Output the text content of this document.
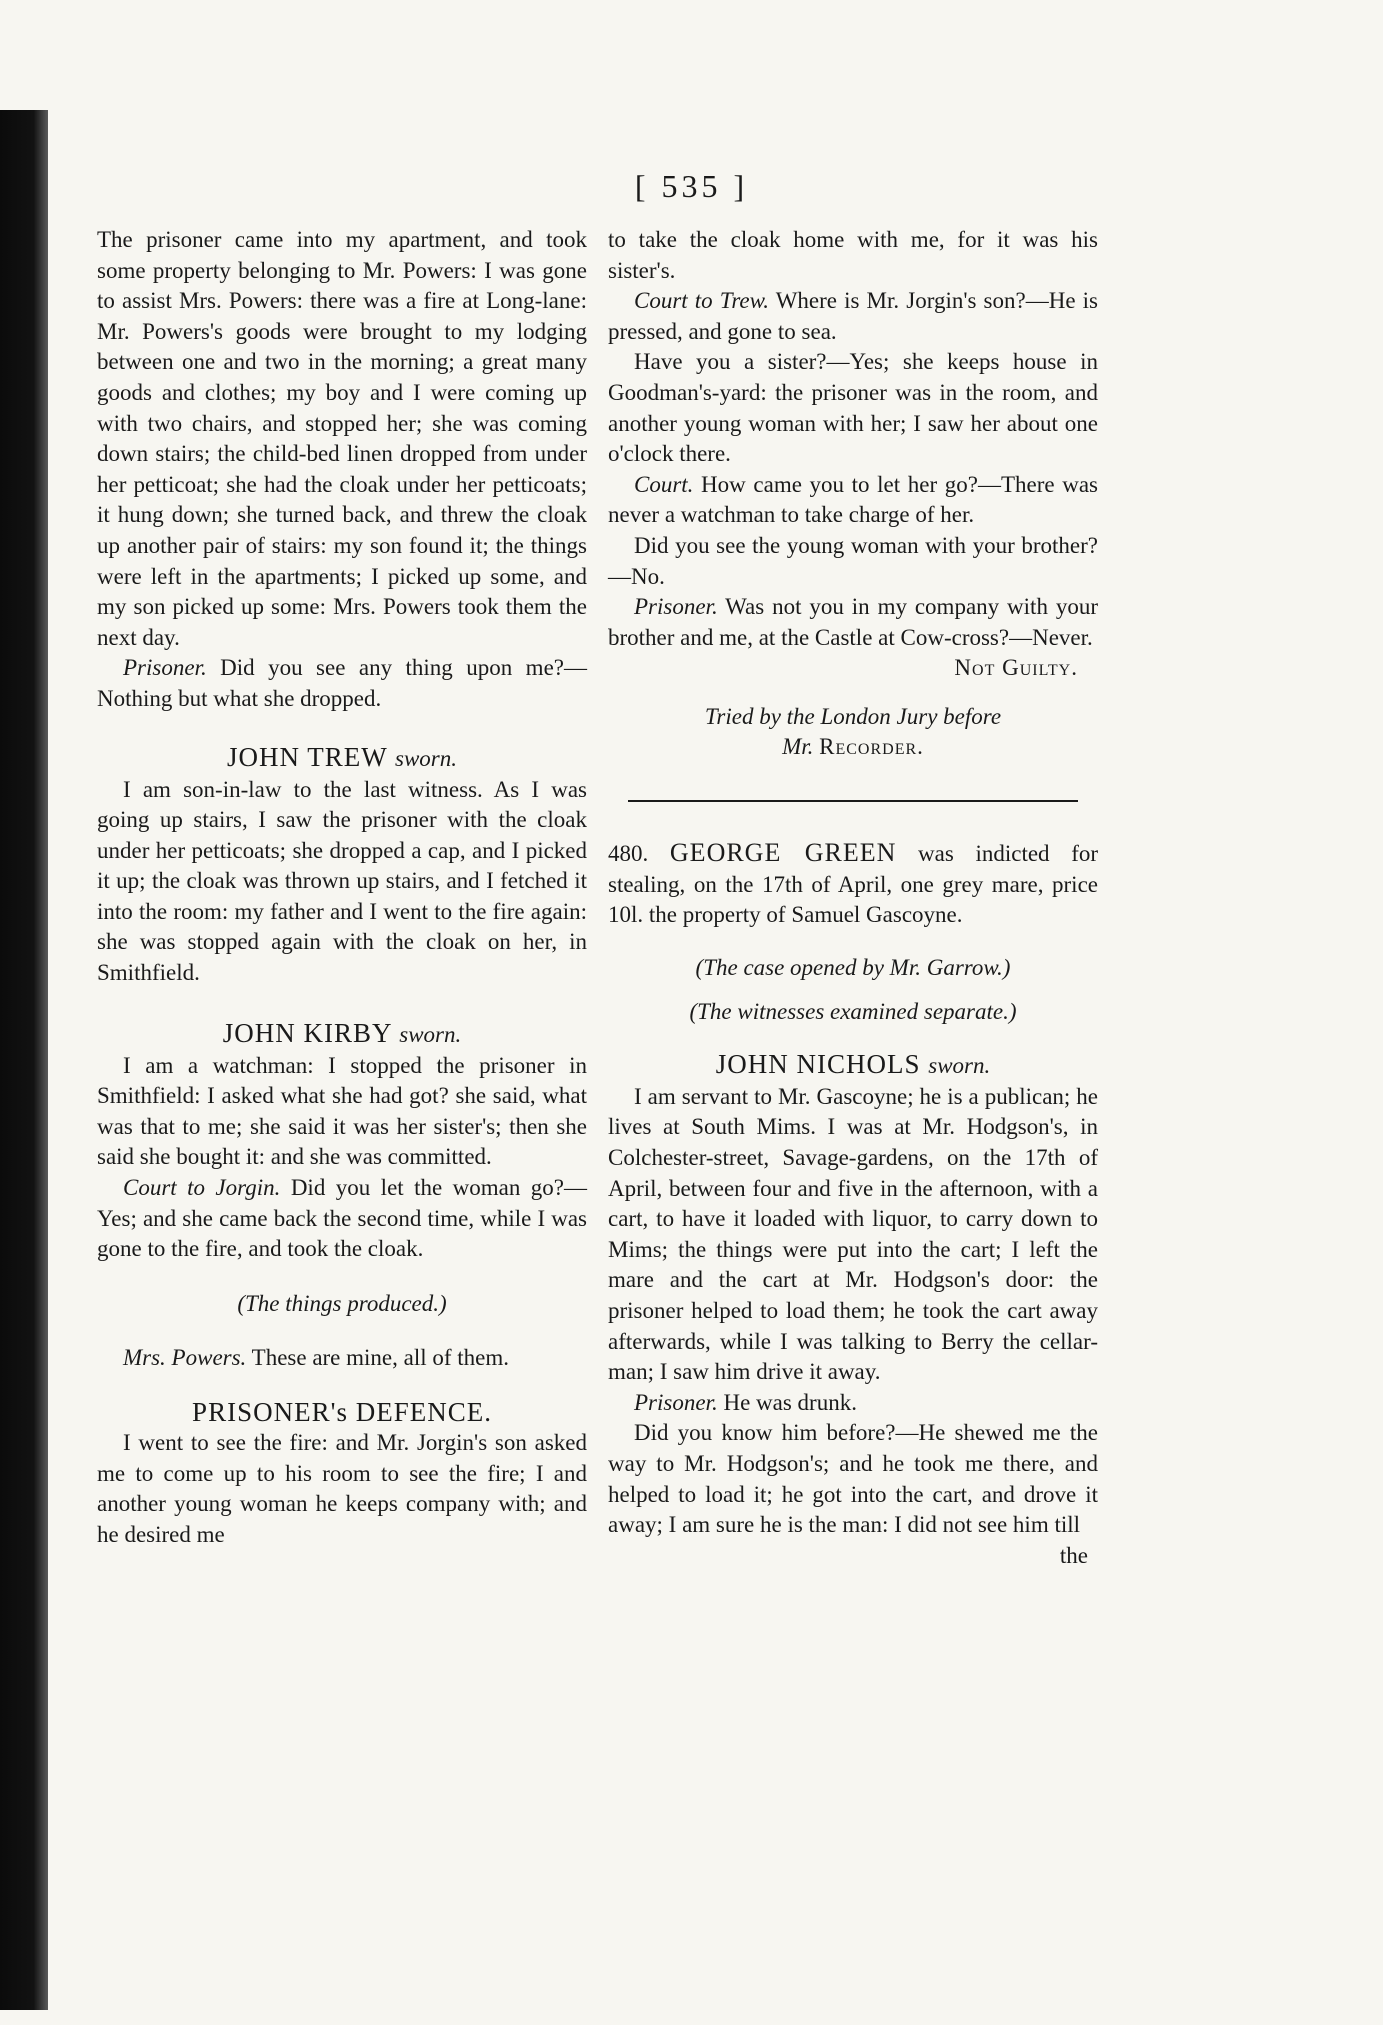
[ 535 ]

The prisoner came into my apartment, and took some property belonging to Mr. Powers: I was gone to assist Mrs. Powers: there was a fire at Long-lane: Mr. Powers's goods were brought to my lodging between one and two in the morning; a great many goods and clothes; my boy and I were coming up with two chairs, and stopped her; she was coming down stairs; the child-bed linen dropped from under her petticoat; she had the cloak under her petticoats; it hung down; she turned back, and threw the cloak up another pair of stairs: my son found it; the things were left in the apartments; I picked up some, and my son picked up some: Mrs. Powers took them the next day.

Prisoner. Did you see any thing upon me?—Nothing but what she dropped.

JOHN TREW sworn.

I am son-in-law to the last witness. As I was going up stairs, I saw the prisoner with the cloak under her petticoats; she dropped a cap, and I picked it up; the cloak was thrown up stairs, and I fetched it into the room: my father and I went to the fire again: she was stopped again with the cloak on her, in Smithfield.

JOHN KIRBY sworn.

I am a watchman: I stopped the prisoner in Smithfield: I asked what she had got? she said, what was that to me; she said it was her sister's; then she said she bought it: and she was committed.

Court to Jorgin. Did you let the woman go?—Yes; and she came back the second time, while I was gone to the fire, and took the cloak.

(The things produced.)

Mrs. Powers. These are mine, all of them.

PRISONER's DEFENCE.

I went to see the fire: and Mr. Jorgin's son asked me to come up to his room to see the fire; I and another young woman he keeps company with; and he desired me

to take the cloak home with me, for it was his sister's.

Court to Trew. Where is Mr. Jorgin's son?—He is pressed, and gone to sea.

Have you a sister?—Yes; she keeps house in Goodman's-yard: the prisoner was in the room, and another young woman with her; I saw her about one o'clock there.

Court. How came you to let her go?—There was never a watchman to take charge of her.

Did you see the young woman with your brother?—No.

Prisoner. Was not you in my company with your brother and me, at the Castle at Cow-cross?—Never.

Not Guilty.

Tried by the London Jury before
Mr. Recorder.

480. GEORGE GREEN was indicted for stealing, on the 17th of April, one grey mare, price 10l. the property of Samuel Gascoyne.

(The case opened by Mr. Garrow.)

(The witnesses examined separate.)

JOHN NICHOLS sworn.

I am servant to Mr. Gascoyne; he is a publican; he lives at South Mims. I was at Mr. Hodgson's, in Colchester-street, Savage-gardens, on the 17th of April, between four and five in the afternoon, with a cart, to have it loaded with liquor, to carry down to Mims; the things were put into the cart; I left the mare and the cart at Mr. Hodgson's door: the prisoner helped to load them; he took the cart away afterwards, while I was talking to Berry the cellar-man; I saw him drive it away.

Prisoner. He was drunk.

Did you know him before?—He shewed me the way to Mr. Hodgson's; and he took me there, and helped to load it; he got into the cart, and drove it away; I am sure he is the man: I did not see him till

the
